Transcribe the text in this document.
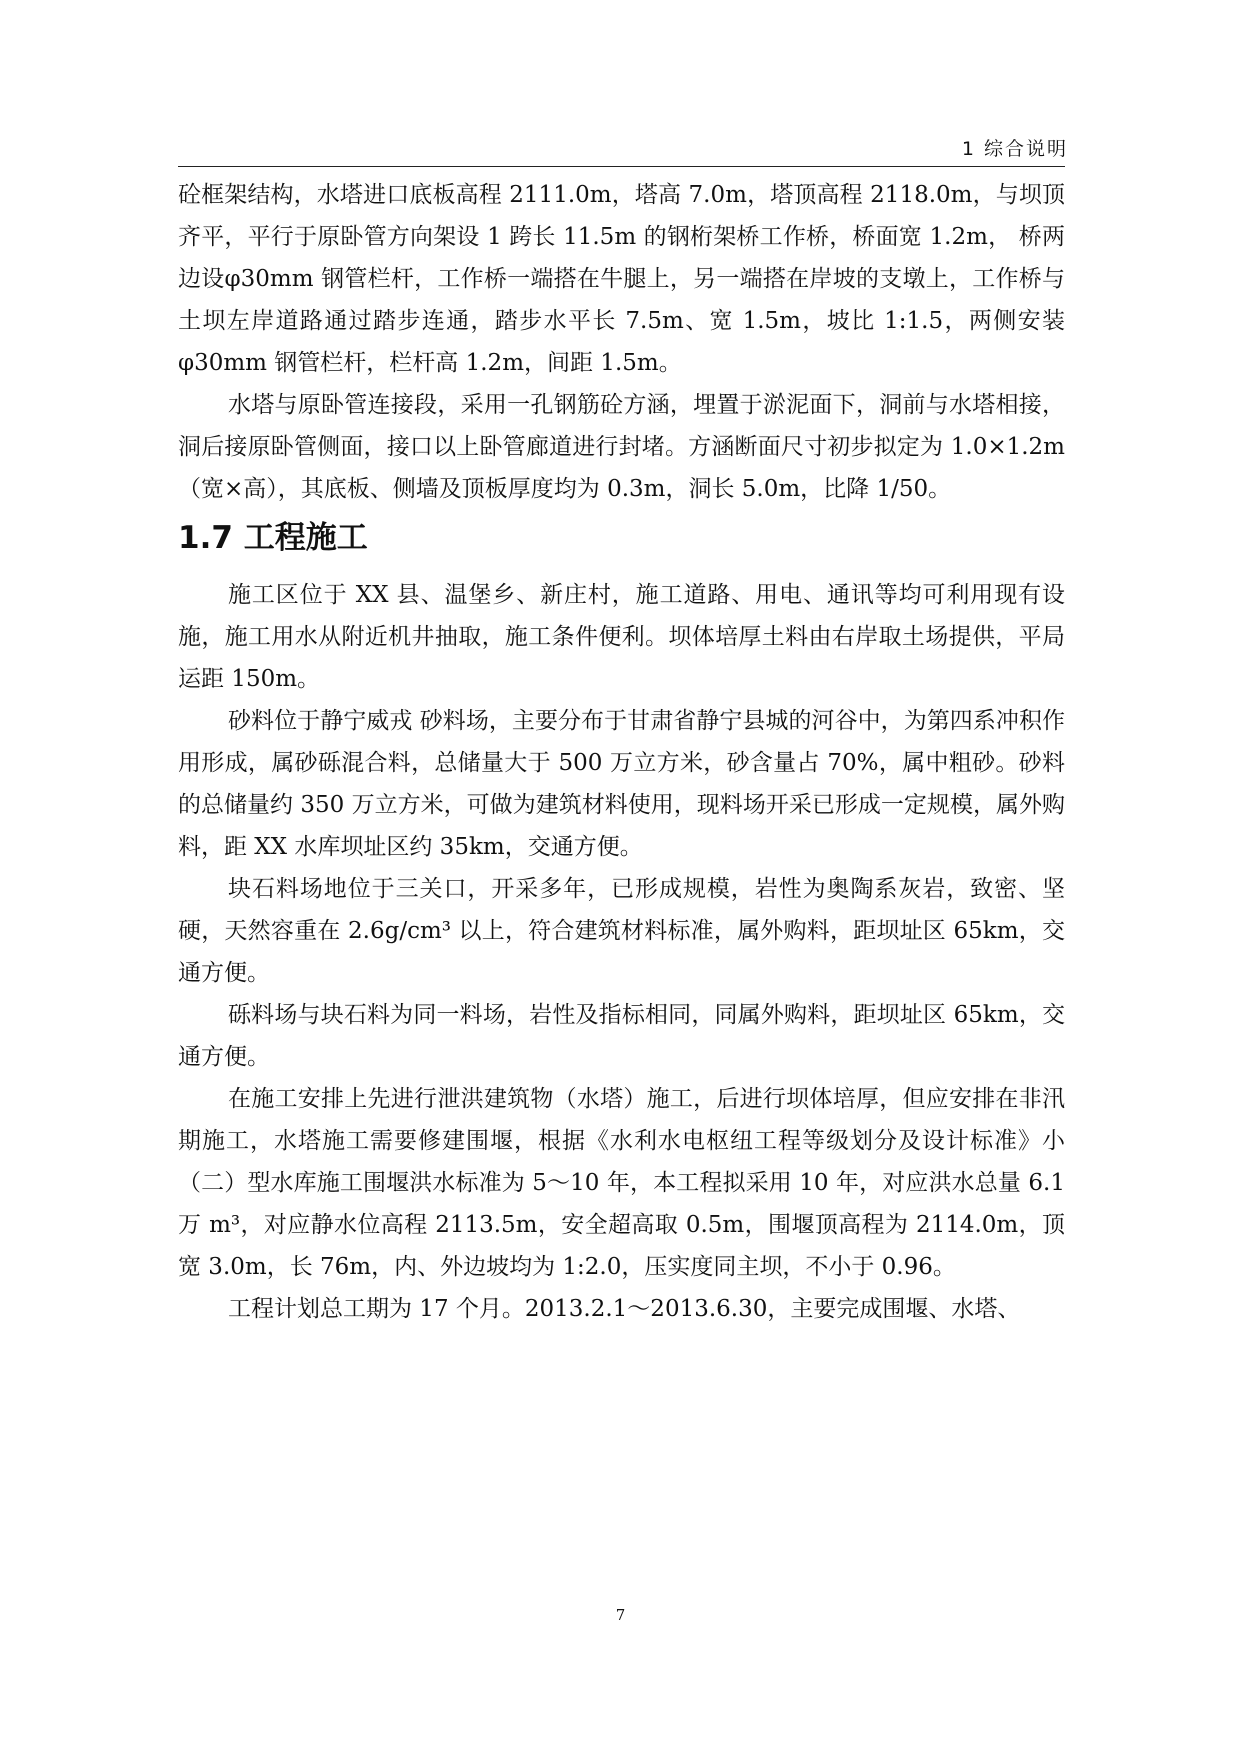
1 综合说明

砼框架结构，水塔进口底板高程 2111.0m，塔高 7.0m，塔顶高程 2118.0m，与坝顶齐平，平行于原卧管方向架设 1 跨长 11.5m 的钢桁架桥工作桥，桥面宽 1.2m， 桥两边设φ30mm 钢管栏杆，工作桥一端搭在牛腿上，另一端搭在岸坡的支墩上，工作桥与土坝左岸道路通过踏步连通，踏步水平长 7.5m、宽 1.5m，坡比 1:1.5，两侧安装φ30mm 钢管栏杆，栏杆高 1.2m，间距 1.5m。

水塔与原卧管连接段，采用一孔钢筋砼方涵，埋置于淤泥面下，洞前与水塔相接，洞后接原卧管侧面，接口以上卧管廊道进行封堵。方涵断面尺寸初步拟定为 1.0×1.2m（宽×高），其底板、侧墙及顶板厚度均为 0.3m，洞长 5.0m，比降 1/50。

1.7 工程施工

施工区位于 XX 县、温堡乡、新庄村，施工道路、用电、通讯等均可利用现有设施，施工用水从附近机井抽取，施工条件便利。坝体培厚土料由右岸取土场提供，平局运距 150m。

砂料位于静宁威戎 砂料场，主要分布于甘肃省静宁县城的河谷中，为第四系冲积作用形成，属砂砾混合料，总储量大于 500 万立方米，砂含量占 70%，属中粗砂。砂料的总储量约 350 万立方米，可做为建筑材料使用，现料场开采已形成一定规模，属外购料，距 XX 水库坝址区约 35km，交通方便。

块石料场地位于三关口，开采多年，已形成规模，岩性为奥陶系灰岩，致密、坚硬，天然容重在 2.6g/cm³ 以上，符合建筑材料标准，属外购料，距坝址区 65km，交通方便。

砾料场与块石料为同一料场，岩性及指标相同，同属外购料，距坝址区 65km，交通方便。

在施工安排上先进行泄洪建筑物（水塔）施工，后进行坝体培厚，但应安排在非汛期施工，水塔施工需要修建围堰，根据《水利水电枢纽工程等级划分及设计标准》小（二）型水库施工围堰洪水标准为 5～10 年，本工程拟采用 10 年，对应洪水总量 6.1 万 m³，对应静水位高程 2113.5m，安全超高取 0.5m，围堰顶高程为 2114.0m，顶宽 3.0m，长 76m，内、外边坡均为 1:2.0，压实度同主坝，不小于 0.96。

工程计划总工期为 17 个月。2013.2.1～2013.6.30，主要完成围堰、水塔、

7
